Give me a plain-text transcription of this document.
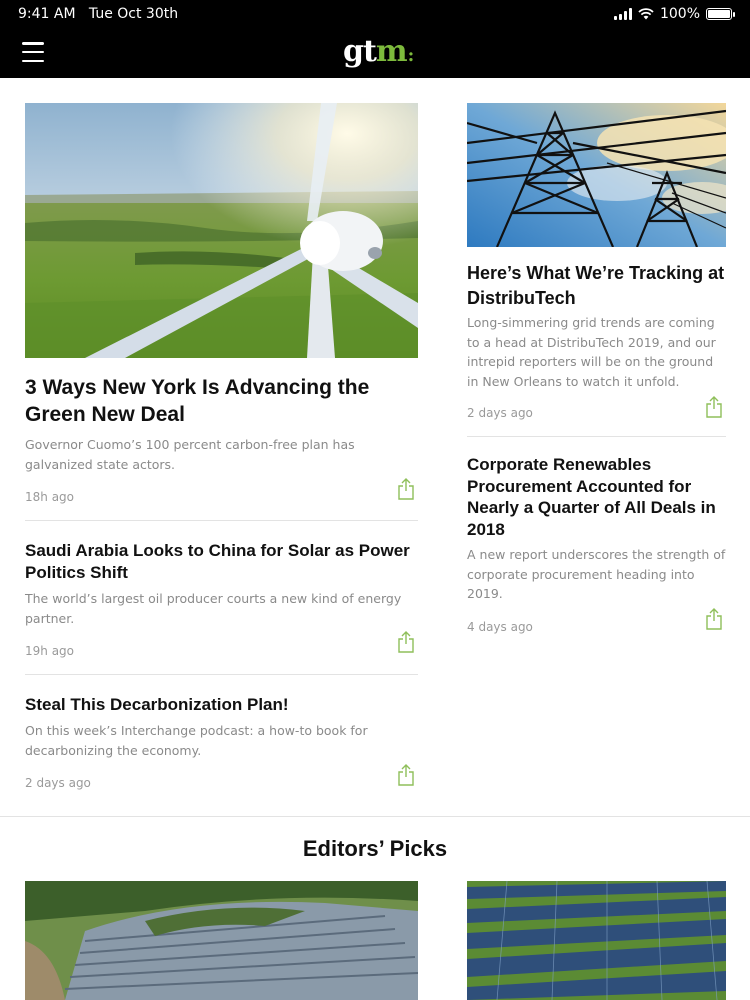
9:41 AM Tue Oct 30th	100%
gtm:
3 Ways New York Is Advancing the Green New Deal
Governor Cuomo’s 100 percent carbon-free plan has galvanized state actors.
18h ago
Saudi Arabia Looks to China for Solar as Power Politics Shift
The world’s largest oil producer courts a new kind of energy partner.
19h ago
Steal This Decarbonization Plan!
On this week’s Interchange podcast: a how-to book for decarbonizing the economy.
2 days ago
Here’s What We’re Tracking at DistribuTech
Long-simmering grid trends are coming to a head at DistribuTech 2019, and our intrepid reporters will be on the ground in New Orleans to watch it unfold.
2 days ago
Corporate Renewables Procurement Accounted for Nearly a Quarter of All Deals in 2018
A new report underscores the strength of corporate procurement heading into 2019.
4 days ago
Editors’ Picks
